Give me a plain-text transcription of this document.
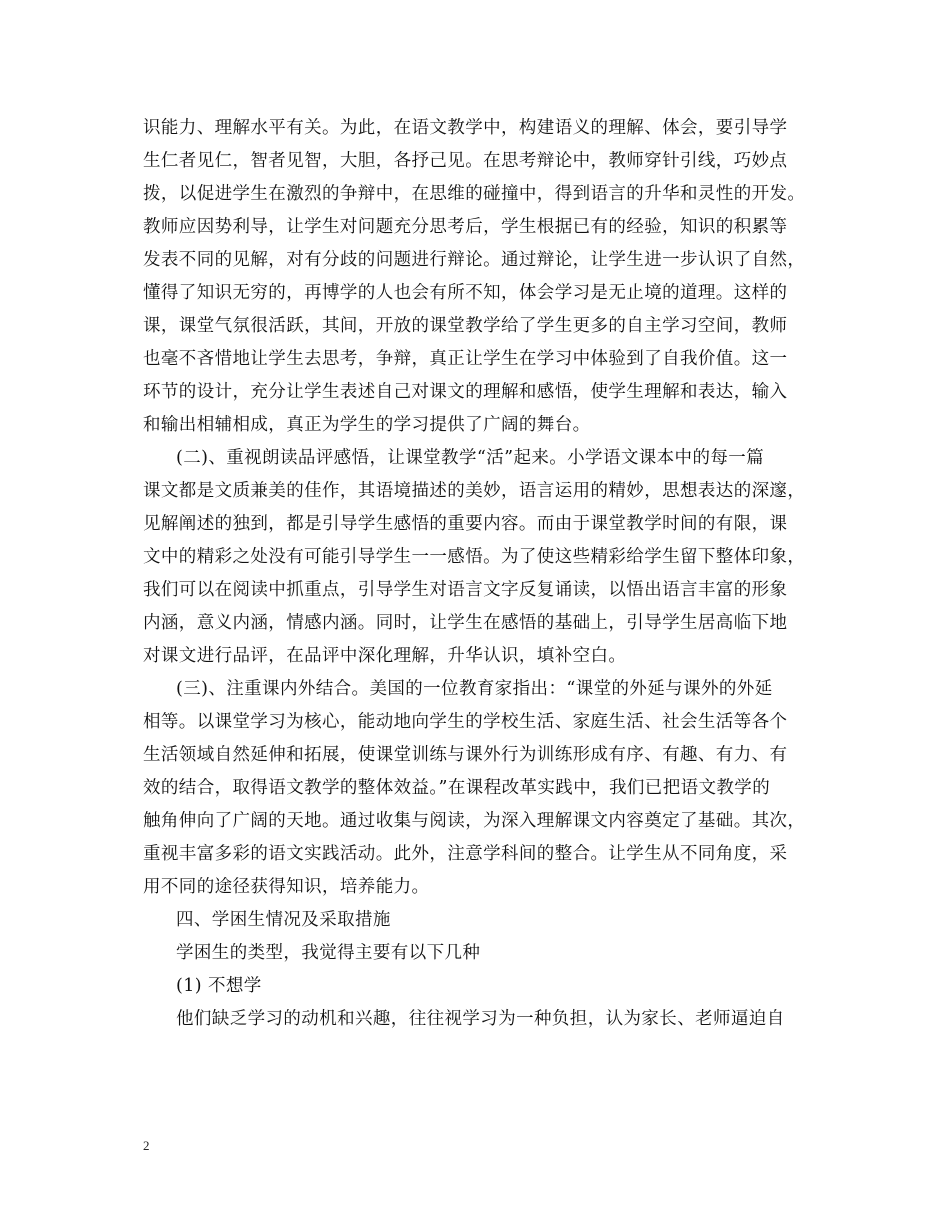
识能力、理解水平有关。为此，在语文教学中，构建语义的理解、体会，要引导学
生仁者见仁，智者见智，大胆，各抒己见。在思考辩论中，教师穿针引线，巧妙点
拨，以促进学生在激烈的争辩中，在思维的碰撞中，得到语言的升华和灵性的开发。
教师应因势利导，让学生对问题充分思考后，学生根据已有的经验，知识的积累等
发表不同的见解，对有分歧的问题进行辩论。通过辩论，让学生进一步认识了自然，
懂得了知识无穷的，再博学的人也会有所不知，体会学习是无止境的道理。这样的
课，课堂气氛很活跃，其间，开放的课堂教学给了学生更多的自主学习空间，教师
也毫不吝惜地让学生去思考，争辩，真正让学生在学习中体验到了自我价值。这一
环节的设计，充分让学生表述自己对课文的理解和感悟，使学生理解和表达，输入
和输出相辅相成，真正为学生的学习提供了广阔的舞台。
(二)、重视朗读品评感悟，让课堂教学“活”起来。小学语文课本中的每一篇
课文都是文质兼美的佳作，其语境描述的美妙，语言运用的精妙，思想表达的深邃，
见解阐述的独到，都是引导学生感悟的重要内容。而由于课堂教学时间的有限，课
文中的精彩之处没有可能引导学生一一感悟。为了使这些精彩给学生留下整体印象，
我们可以在阅读中抓重点，引导学生对语言文字反复诵读，以悟出语言丰富的形象
内涵，意义内涵，情感内涵。同时，让学生在感悟的基础上，引导学生居高临下地
对课文进行品评，在品评中深化理解，升华认识，填补空白。
(三)、注重课内外结合。美国的一位教育家指出：“课堂的外延与课外的外延
相等。以课堂学习为核心，能动地向学生的学校生活、家庭生活、社会生活等各个
生活领域自然延伸和拓展，使课堂训练与课外行为训练形成有序、有趣、有力、有
效的结合，取得语文教学的整体效益。”在课程改革实践中，我们已把语文教学的
触角伸向了广阔的天地。通过收集与阅读，为深入理解课文内容奠定了基础。其次，
重视丰富多彩的语文实践活动。此外，注意学科间的整合。让学生从不同角度，采
用不同的途径获得知识，培养能力。
四、学困生情况及采取措施
学困生的类型，我觉得主要有以下几种
(1) 不想学
他们缺乏学习的动机和兴趣，往往视学习为一种负担，认为家长、老师逼迫自
2
